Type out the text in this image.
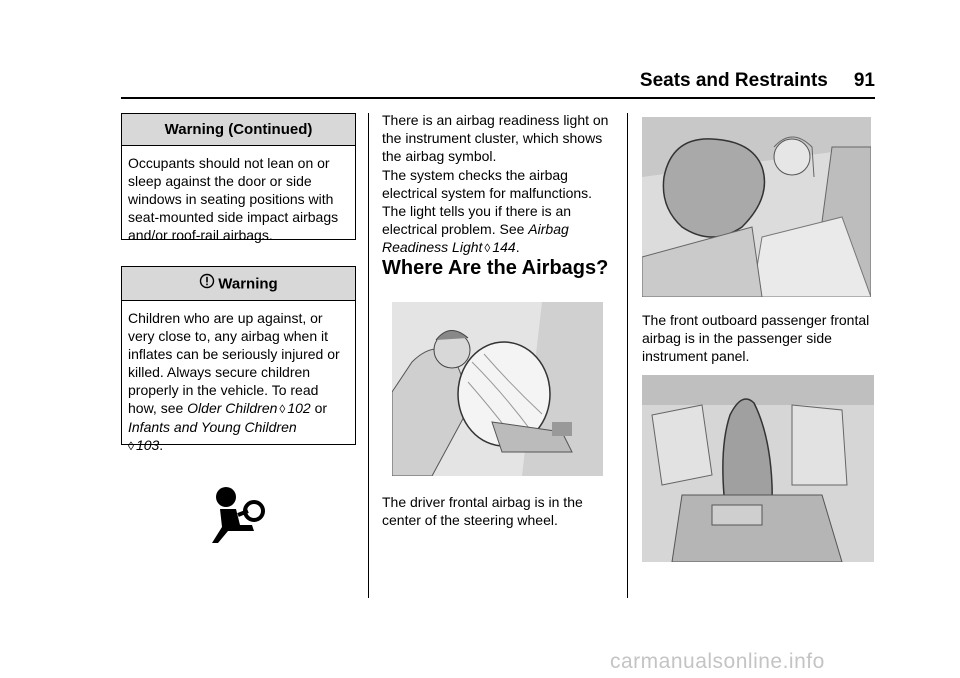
Seats and Restraints 91
Warning (Continued)
Occupants should not lean on or sleep against the door or side windows in seating positions with seat-mounted side impact airbags and/or roof-rail airbags.
Warning
Children who are up against, or very close to, any airbag when it inflates can be seriously injured or killed. Always secure children properly in the vehicle. To read how, see Older Children ◊ 102 or Infants and Young Children
◊ 103.
There is an airbag readiness light on the instrument cluster, which shows the airbag symbol.
The system checks the airbag electrical system for malfunctions. The light tells you if there is an electrical problem. See Airbag Readiness Light ◊ 144.
Where Are the Airbags?
The driver frontal airbag is in the center of the steering wheel.
The front outboard passenger frontal airbag is in the passenger side instrument panel.
carmanualsonline.info
